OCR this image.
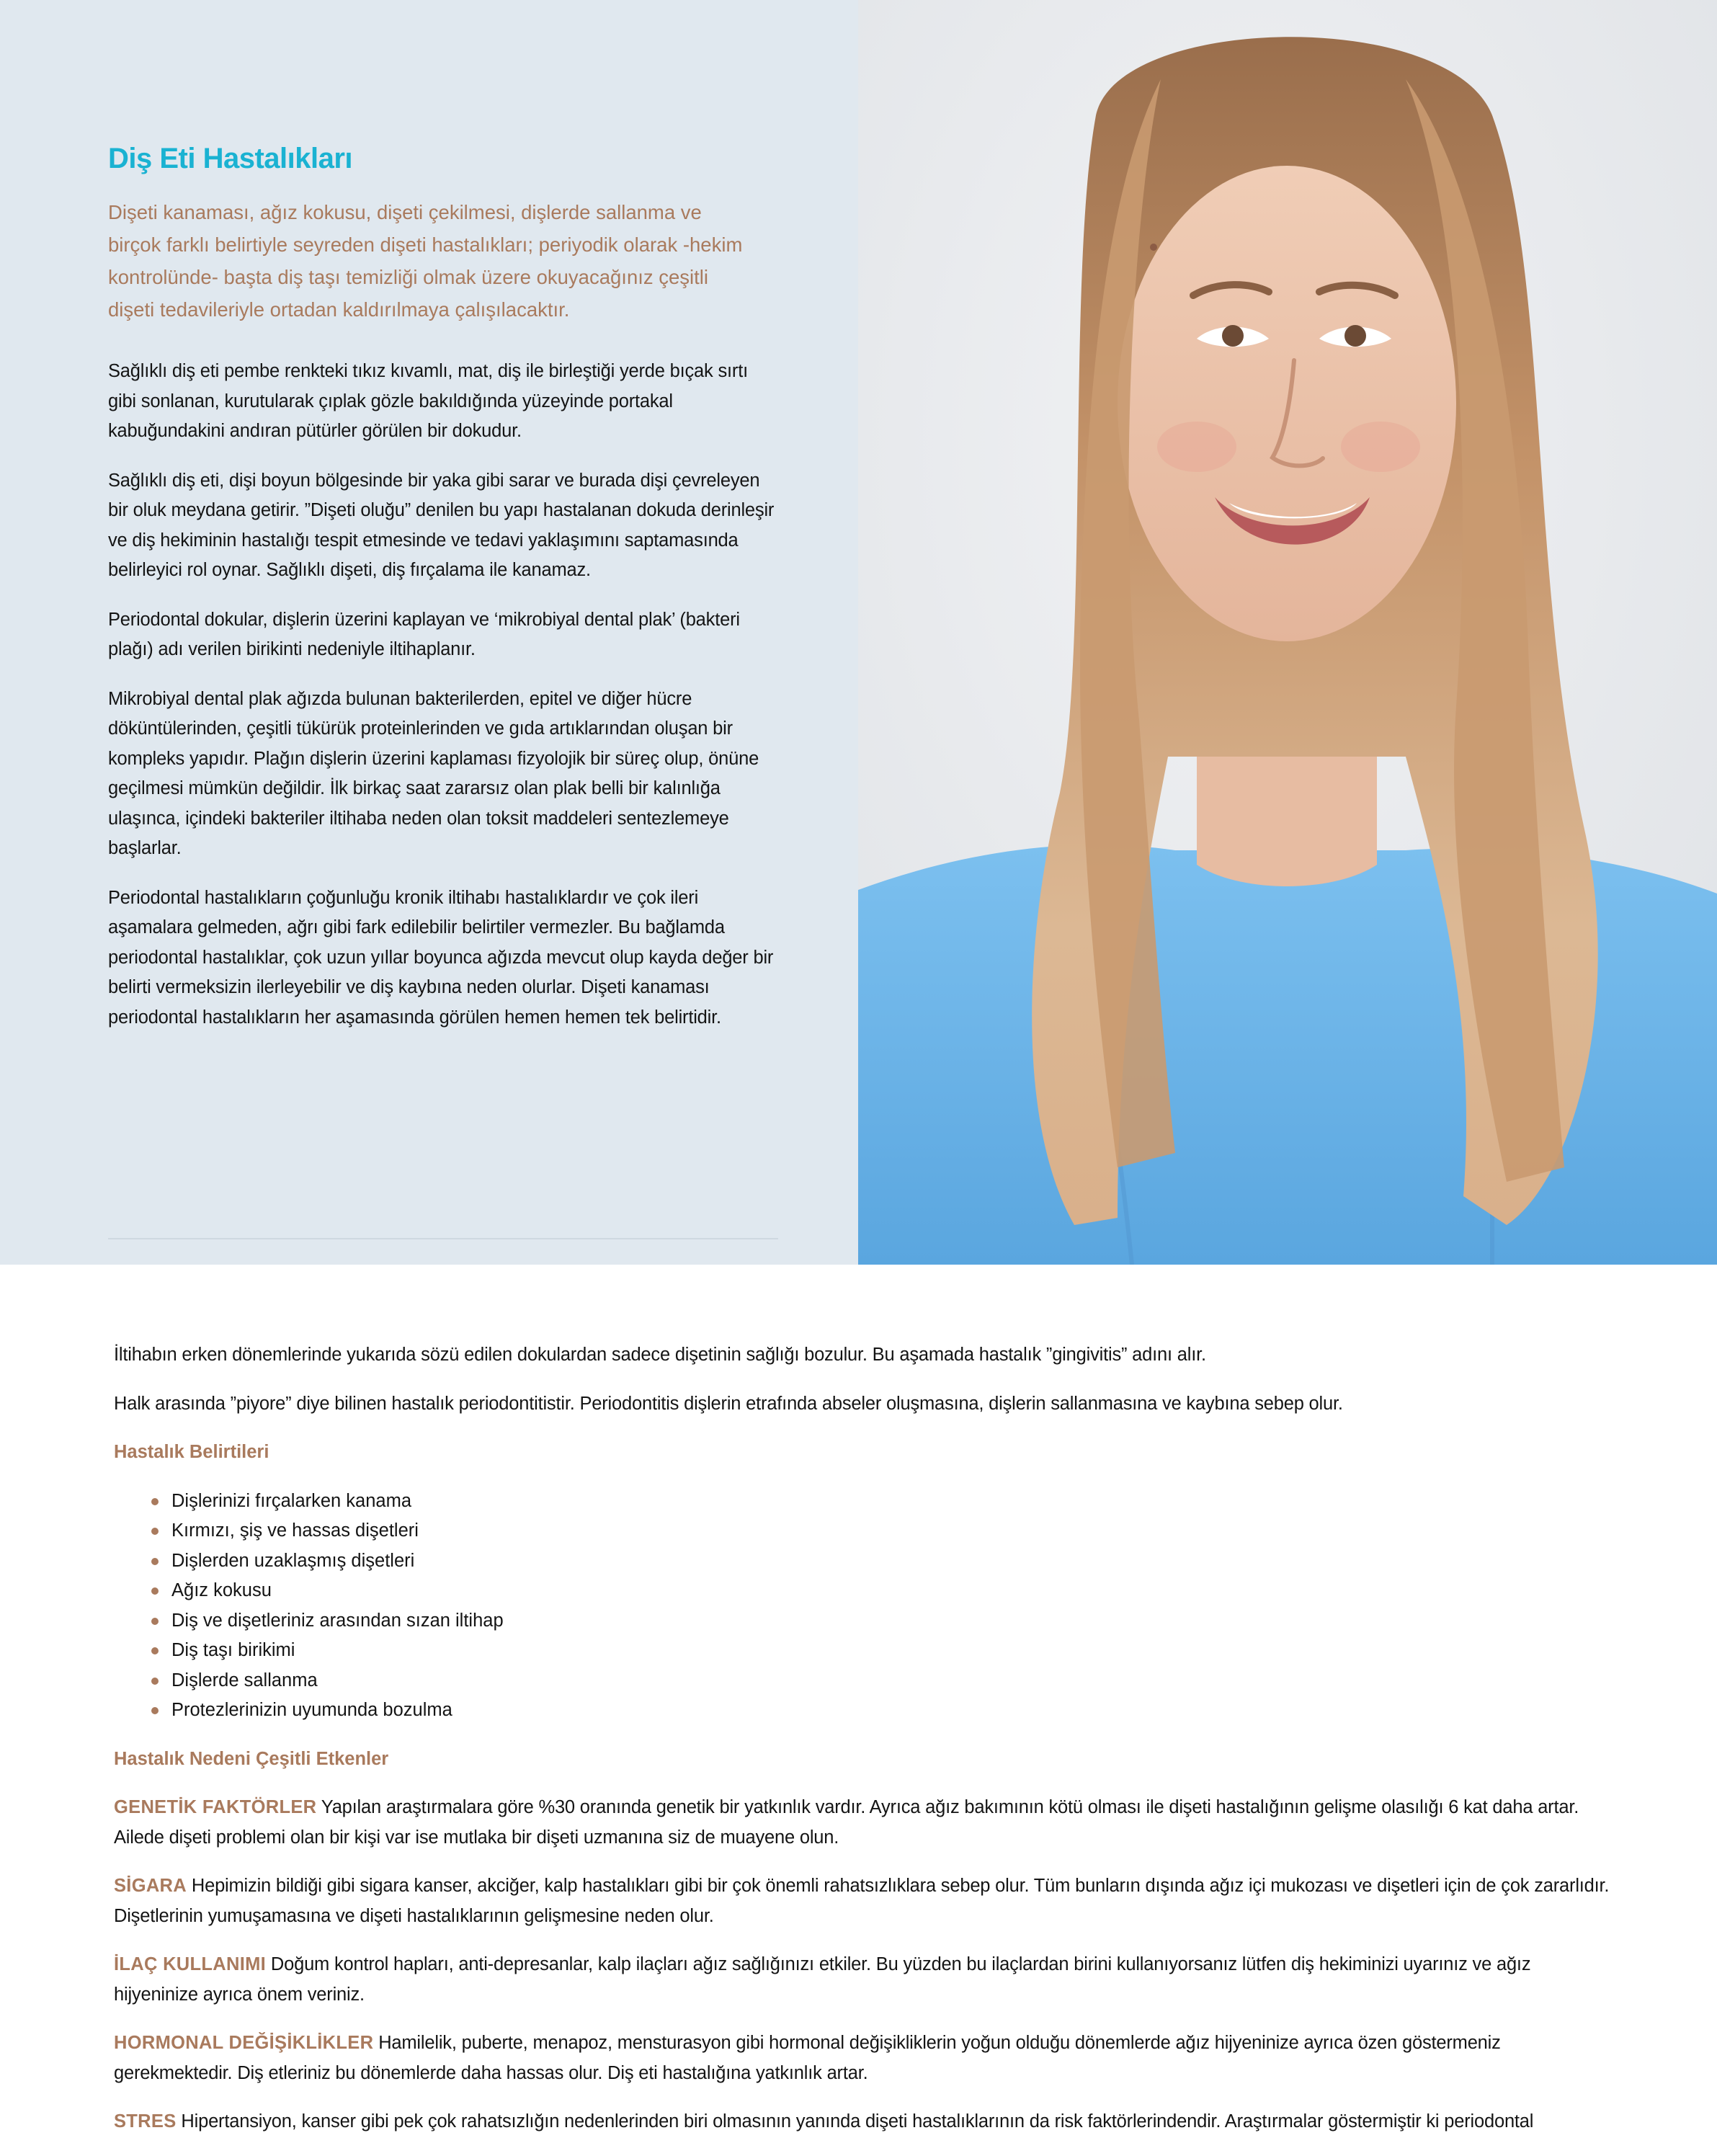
Diş Eti Hastalıkları

Dişeti kanaması, ağız kokusu, dişeti çekilmesi, dişlerde sallanma ve birçok farklı belirtiyle seyreden dişeti hastalıkları; periyodik olarak -hekim kontrolünde- başta diş taşı temizliği olmak üzere okuyacağınız çeşitli dişeti tedavileriyle ortadan kaldırılmaya çalışılacaktır.

Sağlıklı diş eti pembe renkteki tıkız kıvamlı, mat, diş ile birleştiği yerde bıçak sırtı gibi sonlanan, kurutularak çıplak gözle bakıldığında yüzeyinde portakal kabuğundakini andıran pütürler görülen bir dokudur.

Sağlıklı diş eti, dişi boyun bölgesinde bir yaka gibi sarar ve burada dişi çevreleyen bir oluk meydana getirir. ”Dişeti oluğu” denilen bu yapı hastalanan dokuda derinleşir ve diş hekiminin hastalığı tespit etmesinde ve tedavi yaklaşımını saptamasında belirleyici rol oynar. Sağlıklı dişeti, diş fırçalama ile kanamaz.

Periodontal dokular, dişlerin üzerini kaplayan ve ‘mikrobiyal dental plak’ (bakteri plağı) adı verilen birikinti nedeniyle iltihaplanır.

Mikrobiyal dental plak ağızda bulunan bakterilerden, epitel ve diğer hücre döküntülerinden, çeşitli tükürük proteinlerinden ve gıda artıklarından oluşan bir kompleks yapıdır. Plağın dişlerin üzerini kaplaması fizyolojik bir süreç olup, önüne geçilmesi mümkün değildir. İlk birkaç saat zararsız olan plak belli bir kalınlığa ulaşınca, içindeki bakteriler iltihaba neden olan toksit maddeleri sentezlemeye başlarlar.

Periodontal hastalıkların çoğunluğu kronik iltihabı hastalıklardır ve çok ileri aşamalara gelmeden, ağrı gibi fark edilebilir belirtiler vermezler. Bu bağlamda periodontal hastalıklar, çok uzun yıllar boyunca ağızda mevcut olup kayda değer bir belirti vermeksizin ilerleyebilir ve diş kaybına neden olurlar. Dişeti kanaması periodontal hastalıkların her aşamasında görülen hemen hemen tek belirtidir.

İltihabın erken dönemlerinde yukarıda sözü edilen dokulardan sadece dişetinin sağlığı bozulur. Bu aşamada hastalık ”gingivitis” adını alır.

Halk arasında ”piyore” diye bilinen hastalık periodontitistir. Periodontitis dişlerin etrafında abseler oluşmasına, dişlerin sallanmasına ve kaybına sebep olur.

Hastalık Belirtileri
Dişlerinizi fırçalarken kanama
Kırmızı, şiş ve hassas dişetleri
Dişlerden uzaklaşmış dişetleri
Ağız kokusu
Diş ve dişetleriniz arasından sızan iltihap
Diş taşı birikimi
Dişlerde sallanma
Protezlerinizin uyumunda bozulma
Hastalık Nedeni Çeşitli Etkenler

GENETİK FAKTÖRLER Yapılan araştırmalara göre %30 oranında genetik bir yatkınlık vardır. Ayrıca ağız bakımının kötü olması ile dişeti hastalığının gelişme olasılığı 6 kat daha artar. Ailede dişeti problemi olan bir kişi var ise mutlaka bir dişeti uzmanına siz de muayene olun.

SİGARA Hepimizin bildiği gibi sigara kanser, akciğer, kalp hastalıkları gibi bir çok önemli rahatsızlıklara sebep olur. Tüm bunların dışında ağız içi mukozası ve dişetleri için de çok zararlıdır. Dişetlerinin yumuşamasına ve dişeti hastalıklarının gelişmesine neden olur.

İLAÇ KULLANIMI Doğum kontrol hapları, anti-depresanlar, kalp ilaçları ağız sağlığınızı etkiler. Bu yüzden bu ilaçlardan birini kullanıyorsanız lütfen diş hekiminizi uyarınız ve ağız hijyeninize ayrıca önem veriniz.

HORMONAL DEĞİŞİKLİKLER Hamilelik, puberte, menapoz, mensturasyon gibi hormonal değişikliklerin yoğun olduğu dönemlerde ağız hijyeninize ayrıca özen göstermeniz gerekmektedir. Diş etleriniz bu dönemlerde daha hassas olur. Diş eti hastalığına yatkınlık artar.

STRES Hipertansiyon, kanser gibi pek çok rahatsızlığın nedenlerinden biri olmasının yanında dişeti hastalıklarının da risk faktörlerindendir. Araştırmalar göstermiştir ki periodontal
